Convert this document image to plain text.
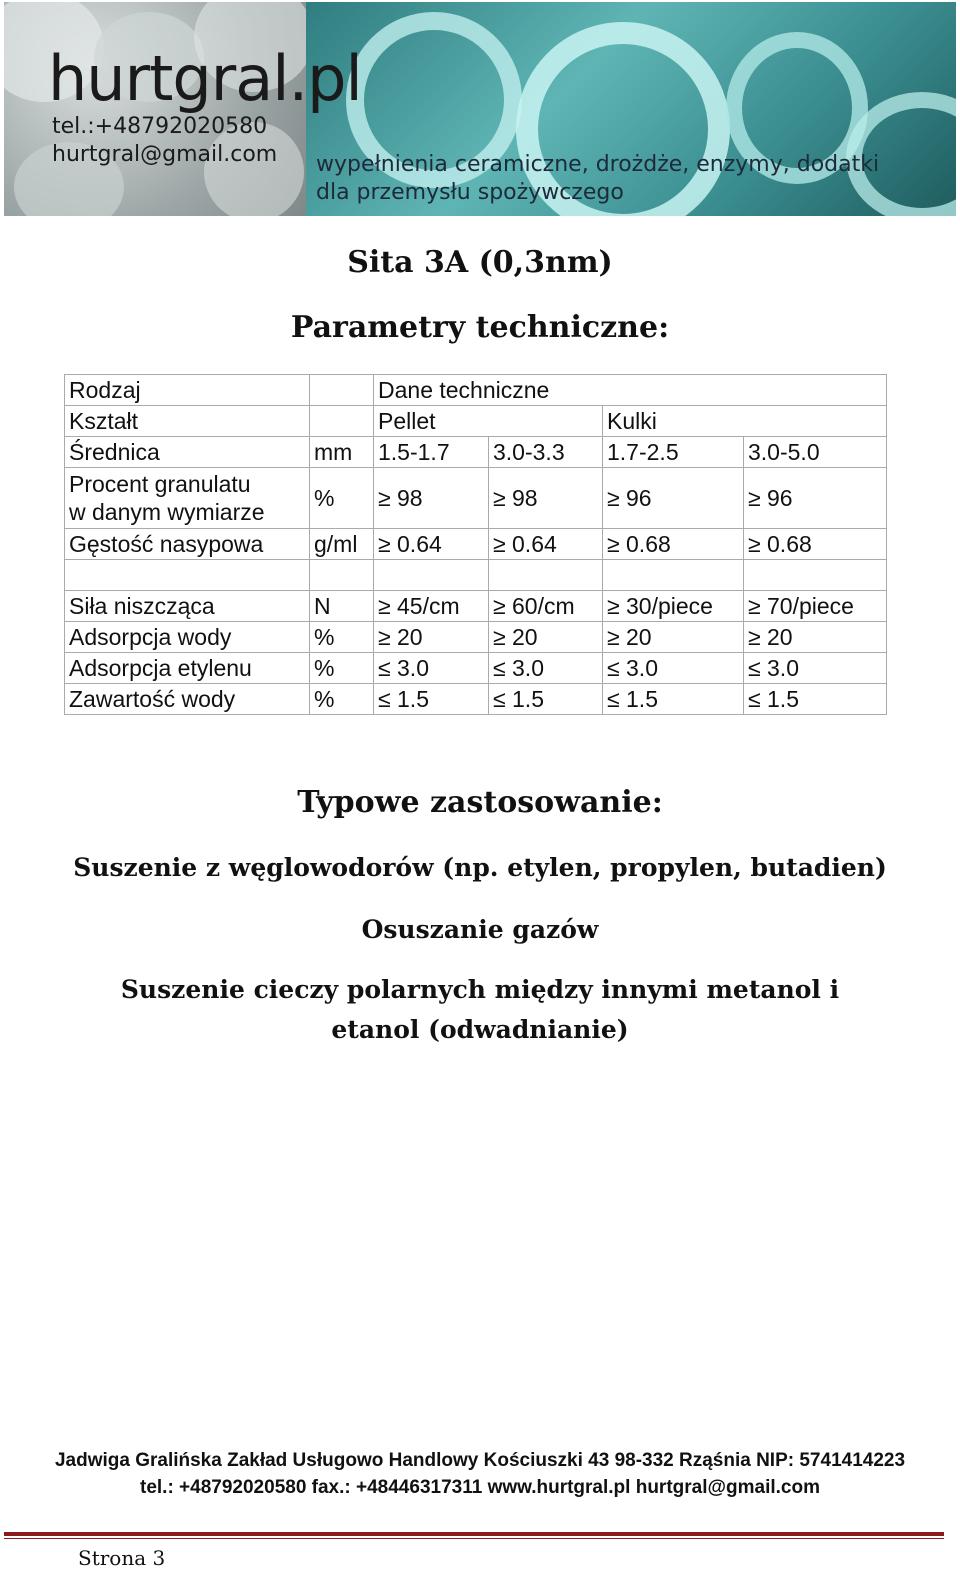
hurtgral.pl
tel.:+48792020580
hurtgral@gmail.com wypełnienia ceramiczne, drożdże, enzymy, dodatki
dla przemysłu spożywczego
Sita 3A (0,3nm)
Parametry techniczne:
Rodzaj		Dane techniczne			
Kształt		Pellet		Kulki	
Średnica	mm	1.5-1.7	3.0-3.3	1.7-2.5	3.0-5.0
Procent granulatu
w danym wymiarze	%	≥ 98	≥ 98	≥ 96	≥ 96
Gęstość nasypowa	g/ml	≥ 0.64	≥ 0.64	≥ 0.68	≥ 0.68

Siła niszcząca	N	≥ 45/cm	≥ 60/cm	≥ 30/piece	≥ 70/piece
Adsorpcja wody	%	≥ 20	≥ 20	≥ 20	≥ 20
Adsorpcja etylenu	%	≤ 3.0	≤ 3.0	≤ 3.0	≤ 3.0
Zawartość wody	%	≤ 1.5	≤ 1.5	≤ 1.5	≤ 1.5
Typowe zastosowanie:
Suszenie z węglowodorów (np. etylen, propylen, butadien)
Osuszanie gazów
Suszenie cieczy polarnych między innymi metanol i etanol (odwadnianie)
Jadwiga Gralińska Zakład Usługowo Handlowy Kościuszki 43 98-332 Rząśnia NIP: 5741414223
tel.: +48792020580 fax.: +48446317311 www.hurtgral.pl hurtgral@gmail.com
Strona 3
